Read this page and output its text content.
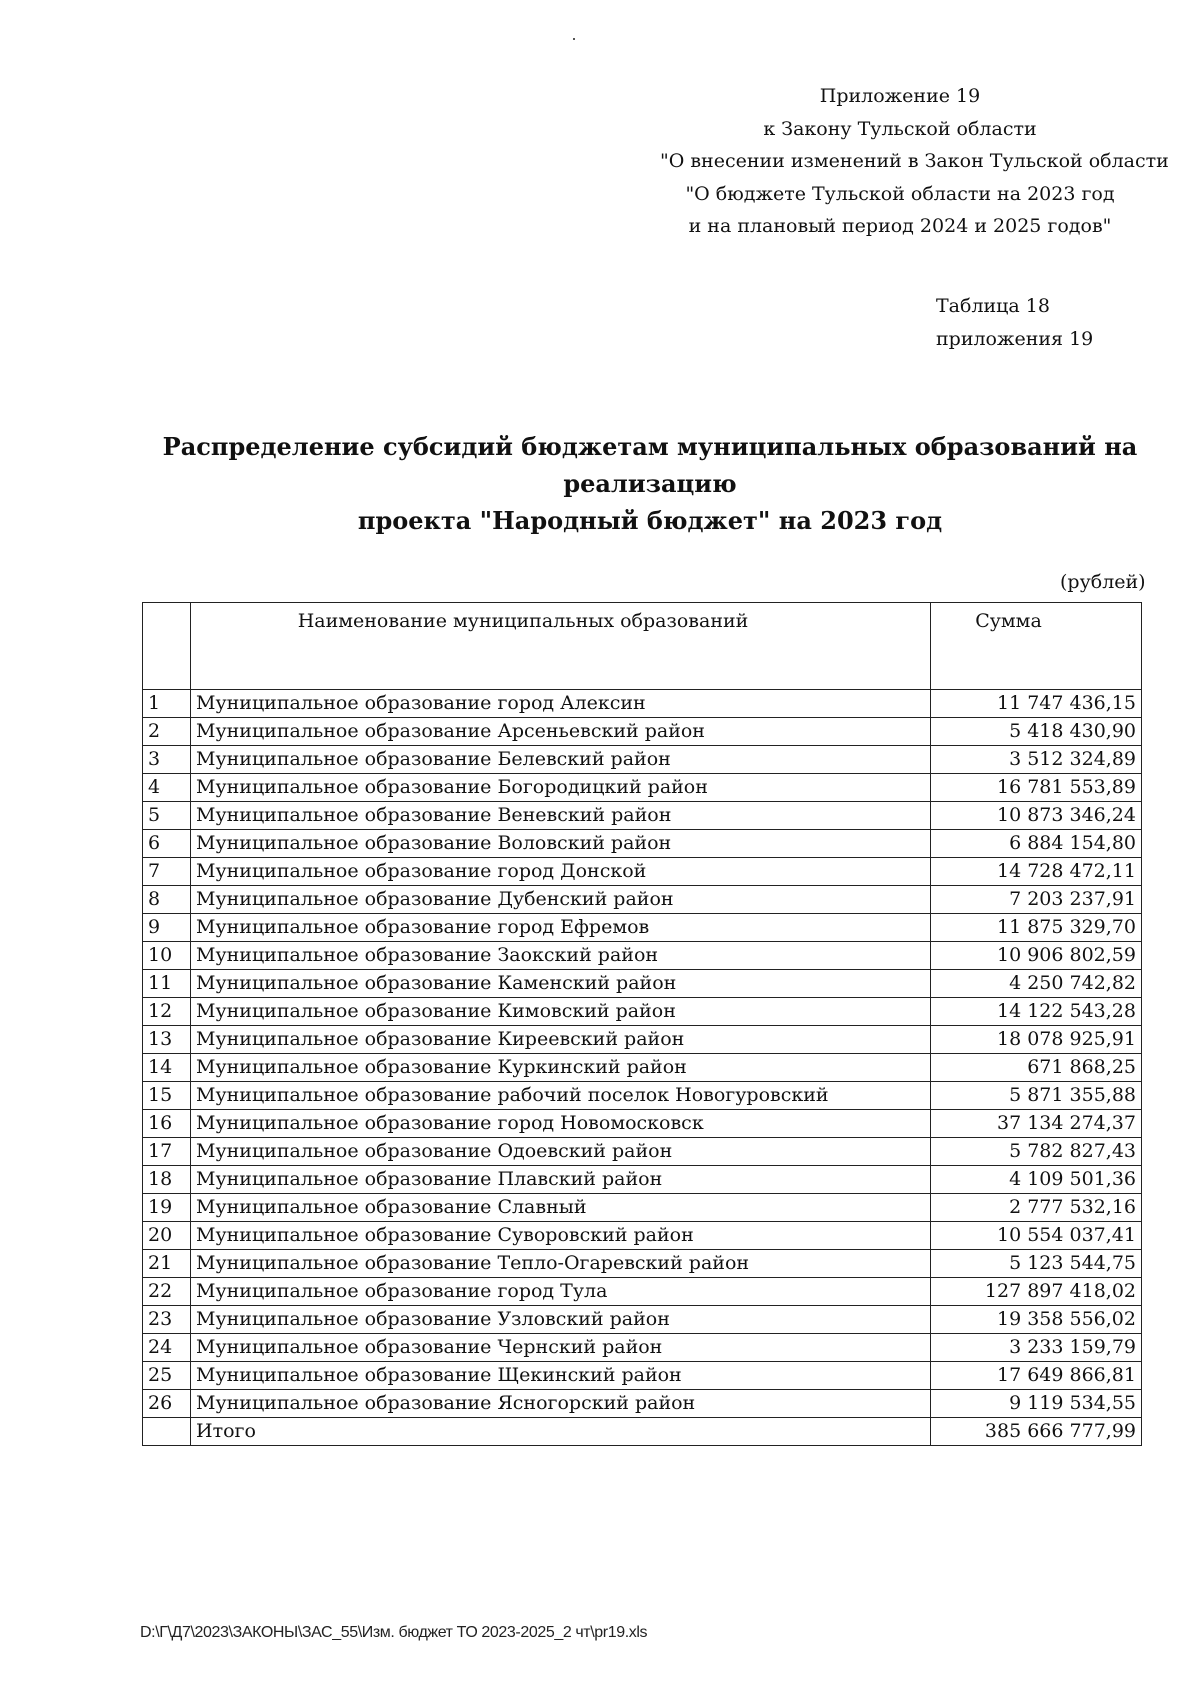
Приложение 19
к Закону Тульской области
"О внесении изменений в Закон Тульской области
"О бюджете Тульской области на 2023 год
и на плановый период 2024 и 2025 годов"
Таблица 18
приложения 19
Распределение субсидий бюджетам муниципальных образований на реализацию
проекта "Народный бюджет" на 2023 год
(рублей)
	Наименование муниципальных образований	Сумма
1	Муниципальное образование город Алексин	11 747 436,15
2	Муниципальное образование Арсеньевский район	5 418 430,90
3	Муниципальное образование Белевский район	3 512 324,89
4	Муниципальное образование Богородицкий район	16 781 553,89
5	Муниципальное образование Веневский район	10 873 346,24
6	Муниципальное образование Воловский район	6 884 154,80
7	Муниципальное образование город Донской	14 728 472,11
8	Муниципальное образование Дубенский район	7 203 237,91
9	Муниципальное образование город Ефремов	11 875 329,70
10	Муниципальное образование Заокский район	10 906 802,59
11	Муниципальное образование Каменский район	4 250 742,82
12	Муниципальное образование Кимовский район	14 122 543,28
13	Муниципальное образование Киреевский район	18 078 925,91
14	Муниципальное образование Куркинский район	671 868,25
15	Муниципальное образование рабочий поселок Новогуровский	5 871 355,88
16	Муниципальное образование город Новомосковск	37 134 274,37
17	Муниципальное образование Одоевский район	5 782 827,43
18	Муниципальное образование Плавский район	4 109 501,36
19	Муниципальное образование Славный	2 777 532,16
20	Муниципальное образование Суворовский район	10 554 037,41
21	Муниципальное образование Тепло-Огаревский район	5 123 544,75
22	Муниципальное образование город Тула	127 897 418,02
23	Муниципальное образование Узловский район	19 358 556,02
24	Муниципальное образование Чернский район	3 233 159,79
25	Муниципальное образование Щекинский район	17 649 866,81
26	Муниципальное образование Ясногорский район	9 119 534,55
	Итого	385 666 777,99
D:\Г\Д7\2023\ЗАКОНЫ\ЗАС_55\Изм. бюджет ТО 2023-2025_2 чт\pr19.xls
